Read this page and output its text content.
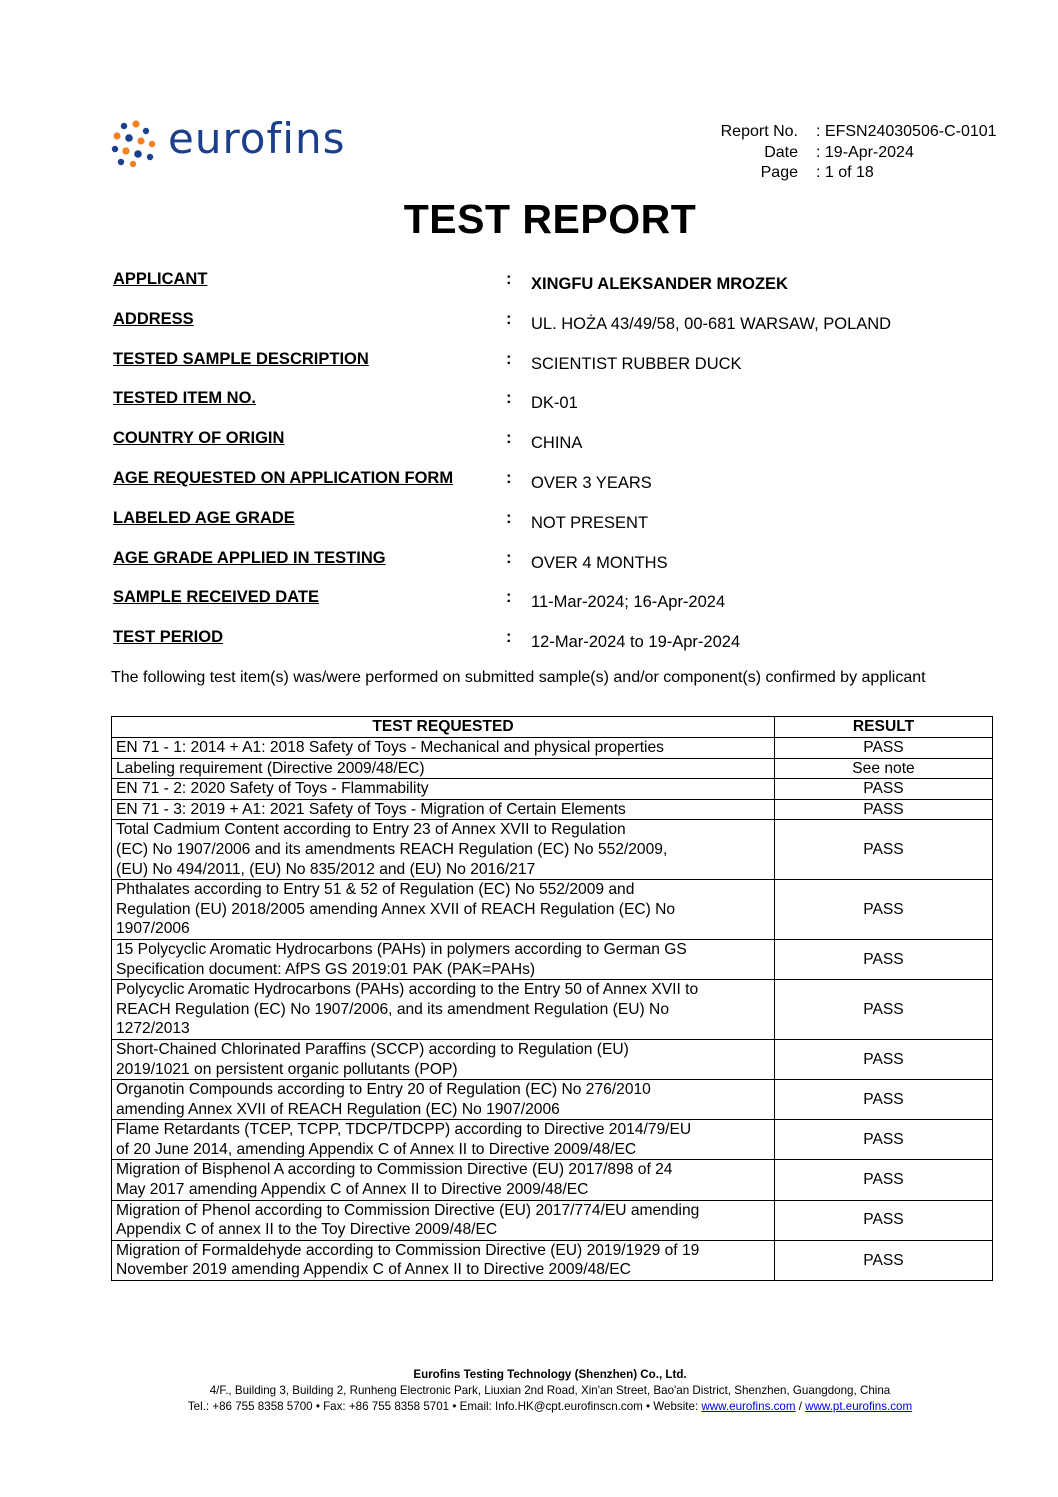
eurofins	Report No.	: EFSN24030506-C-0101
Date	: 19-Apr-2024
Page	: 1 of 18
TEST REPORT
APPLICANT	: XINGFU ALEKSANDER MROZEK
ADDRESS	: UL. HOŻA 43/49/58, 00-681 WARSAW, POLAND
TESTED SAMPLE DESCRIPTION	: SCIENTIST RUBBER DUCK
TESTED ITEM NO.	: DK-01
COUNTRY OF ORIGIN	: CHINA
AGE REQUESTED ON APPLICATION FORM	: OVER 3 YEARS
LABELED AGE GRADE	: NOT PRESENT
AGE GRADE APPLIED IN TESTING	: OVER 4 MONTHS
SAMPLE RECEIVED DATE	: 11-Mar-2024; 16-Apr-2024
TEST PERIOD	: 12-Mar-2024 to 19-Apr-2024
The following test item(s) was/were performed on submitted sample(s) and/or component(s) confirmed by applicant
TEST REQUESTED	RESULT

EN 71 - 1: 2014 + A1: 2018 Safety of Toys - Mechanical and physical properties	PASS

Labeling requirement (Directive 2009/48/EC)	See note

EN 71 - 2: 2020 Safety of Toys - Flammability	PASS

EN 71 - 3: 2019 + A1: 2021 Safety of Toys - Migration of Certain Elements	PASS

Total Cadmium Content according to Entry 23 of Annex XVII to Regulation
(EC) No 1907/2006 and its amendments REACH Regulation (EC) No 552/2009,
(EU) No 494/2011, (EU) No 835/2012 and (EU) No 2016/217	PASS

Phthalates according to Entry 51 & 52 of Regulation (EC) No 552/2009 and
Regulation (EU) 2018/2005 amending Annex XVII of REACH Regulation (EC) No
1907/2006	PASS

15 Polycyclic Aromatic Hydrocarbons (PAHs) in polymers according to German GS
Specification document: AfPS GS 2019:01 PAK (PAK=PAHs)	PASS

Polycyclic Aromatic Hydrocarbons (PAHs) according to the Entry 50 of Annex XVII to
REACH Regulation (EC) No 1907/2006, and its amendment Regulation (EU) No
1272/2013	PASS

Short-Chained Chlorinated Paraffins (SCCP) according to Regulation (EU)
2019/1021 on persistent organic pollutants (POP)	PASS

Organotin Compounds according to Entry 20 of Regulation (EC) No 276/2010
amending Annex XVII of REACH Regulation (EC) No 1907/2006	PASS

Flame Retardants (TCEP, TCPP, TDCP/TDCPP) according to Directive 2014/79/EU
of 20 June 2014, amending Appendix C of Annex II to Directive 2009/48/EC	PASS

Migration of Bisphenol A according to Commission Directive (EU) 2017/898 of 24
May 2017 amending Appendix C of Annex II to Directive 2009/48/EC	PASS

Migration of Phenol according to Commission Directive (EU) 2017/774/EU amending
Appendix C of annex II to the Toy Directive 2009/48/EC	PASS

Migration of Formaldehyde according to Commission Directive (EU) 2019/1929 of 19
November 2019 amending Appendix C of Annex II to Directive 2009/48/EC	PASS
Eurofins Testing Technology (Shenzhen) Co., Ltd.
4/F., Building 3, Building 2, Runheng Electronic Park, Liuxian 2nd Road, Xin'an Street, Bao'an District, Shenzhen, Guangdong, China
Tel.: +86 755 8358 5700 • Fax: +86 755 8358 5701 • Email: Info.HK@cpt.eurofinscn.com • Website: www.eurofins.com / www.pt.eurofins.com
